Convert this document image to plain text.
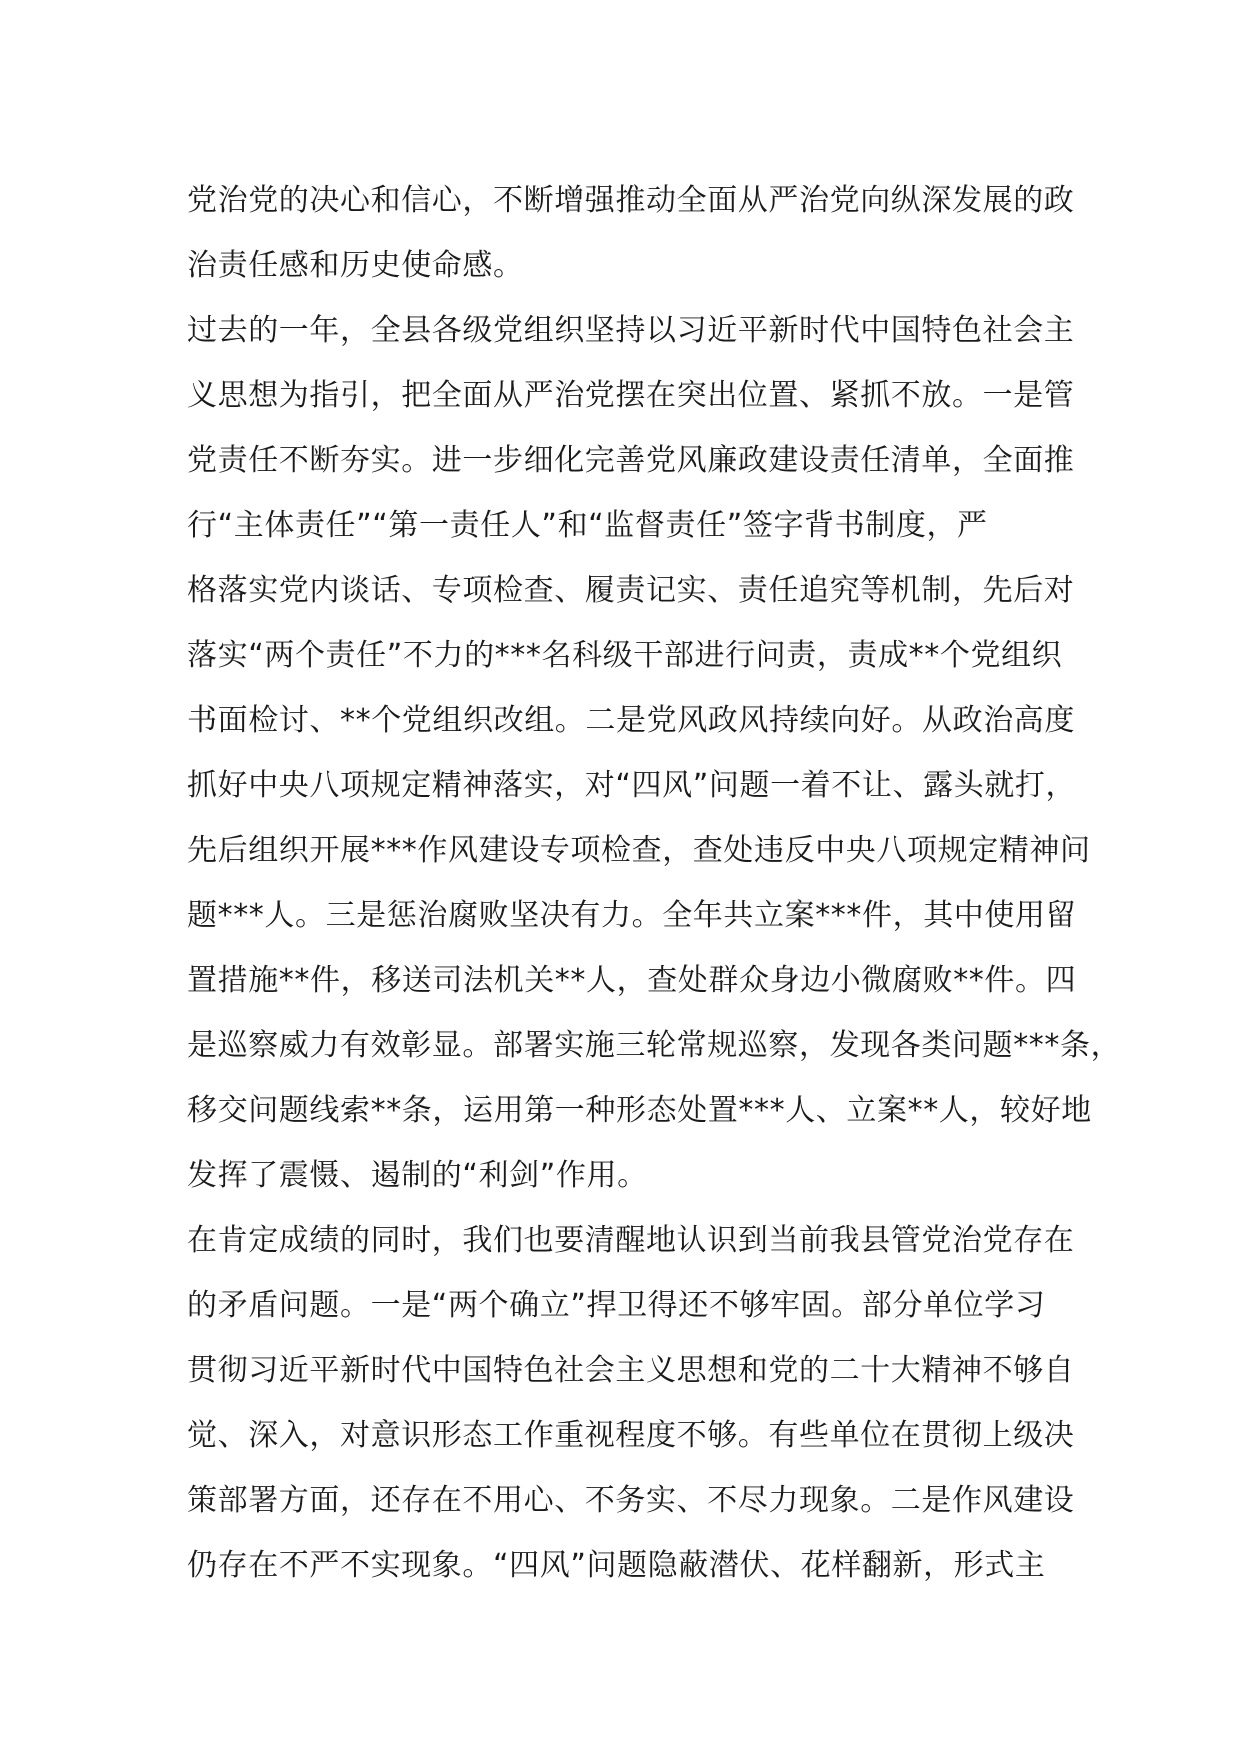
党治党的决心和信心，不断增强推动全面从严治党向纵深发展的政
治责任感和历史使命感。
过去的一年，全县各级党组织坚持以习近平新时代中国特色社会主
义思想为指引，把全面从严治党摆在突出位置、紧抓不放。一是管
党责任不断夯实。进一步细化完善党风廉政建设责任清单，全面推
行“主体责任”“第一责任人”和“监督责任”签字背书制度，严
格落实党内谈话、专项检查、履责记实、责任追究等机制，先后对
落实“两个责任”不力的***名科级干部进行问责，责成**个党组织
书面检讨、**个党组织改组。二是党风政风持续向好。从政治高度
抓好中央八项规定精神落实，对“四风”问题一着不让、露头就打，
先后组织开展***作风建设专项检查，查处违反中央八项规定精神问
题***人。三是惩治腐败坚决有力。全年共立案***件，其中使用留
置措施**件，移送司法机关**人，查处群众身边小微腐败**件。四
是巡察威力有效彰显。部署实施三轮常规巡察，发现各类问题***条，
移交问题线索**条，运用第一种形态处置***人、立案**人，较好地
发挥了震慑、遏制的“利剑”作用。
在肯定成绩的同时，我们也要清醒地认识到当前我县管党治党存在
的矛盾问题。一是“两个确立”捍卫得还不够牢固。部分单位学习
贯彻习近平新时代中国特色社会主义思想和党的二十大精神不够自
觉、深入，对意识形态工作重视程度不够。有些单位在贯彻上级决
策部署方面，还存在不用心、不务实、不尽力现象。二是作风建设
仍存在不严不实现象。“四风”问题隐蔽潜伏、花样翻新，形式主
